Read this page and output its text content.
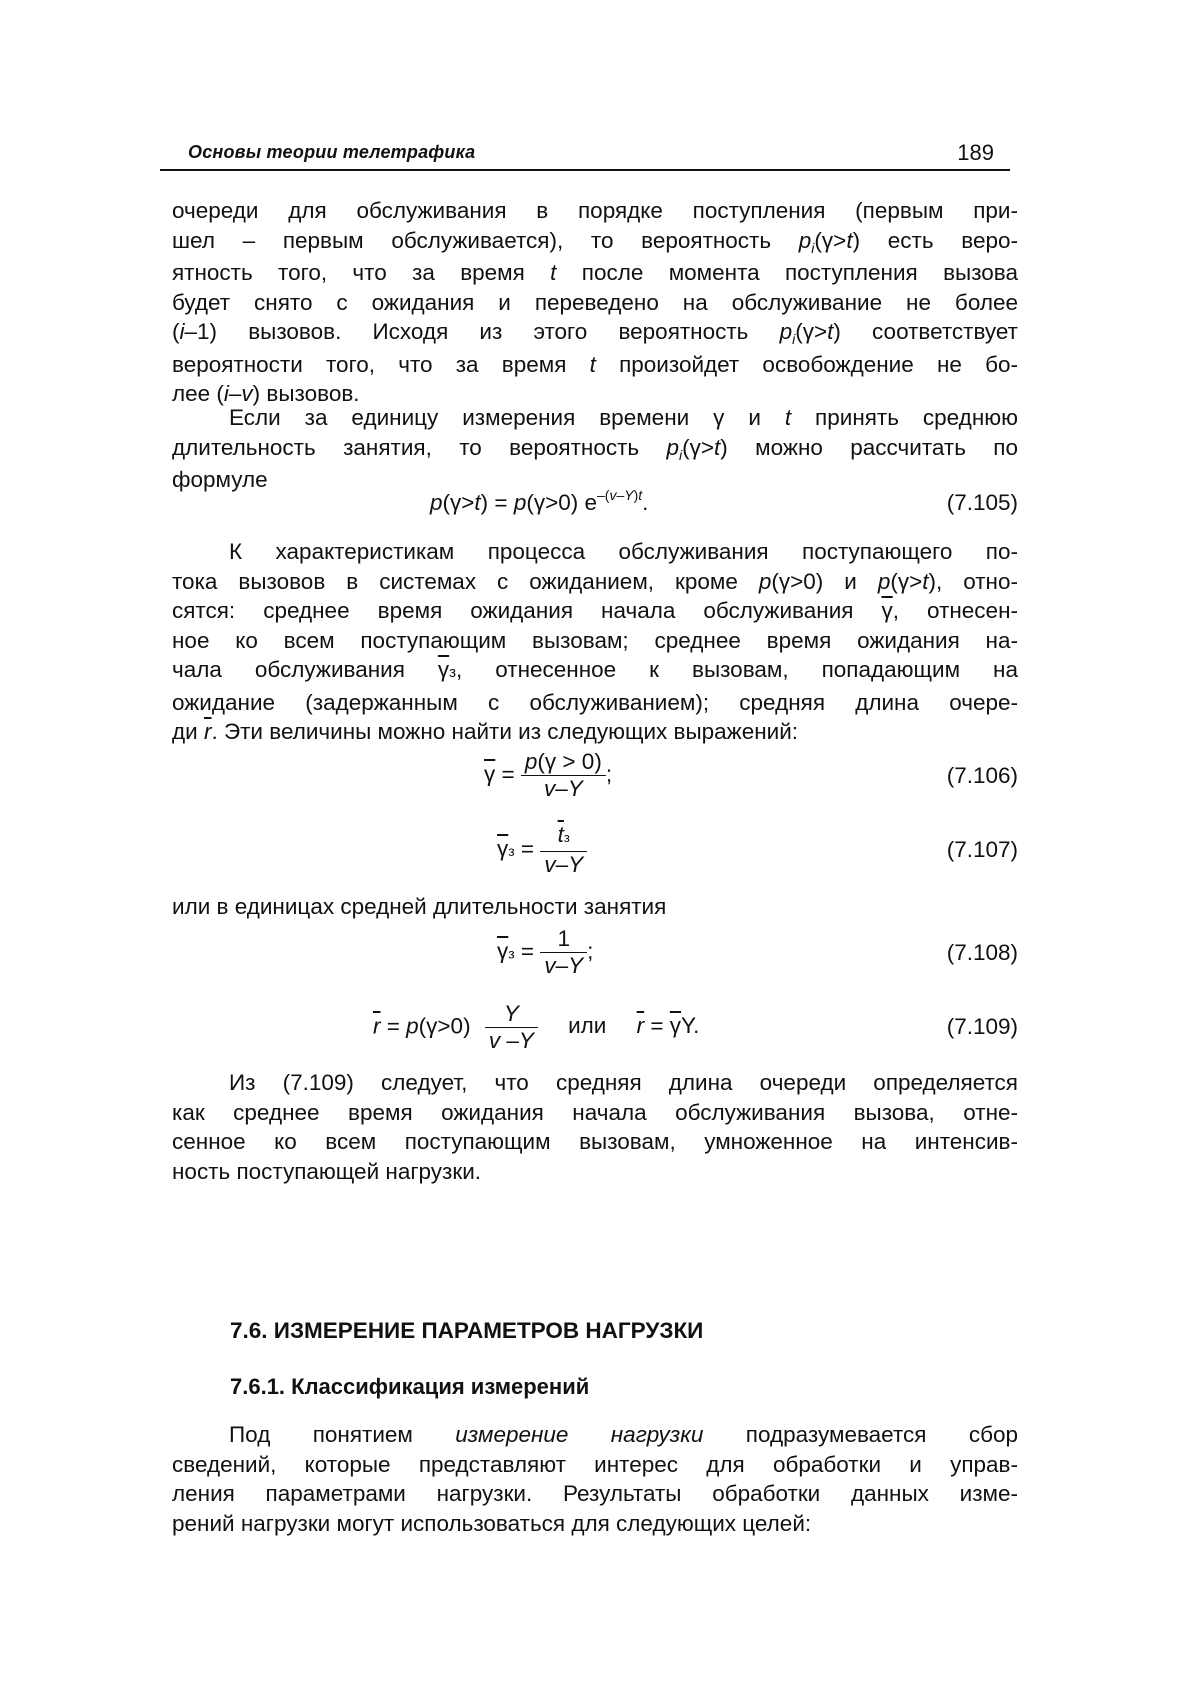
Основы теории телетрафика	189
очереди для обслуживания в порядке поступления (первым при-
шел – первым обслуживается), то вероятность $p_i(\gamma>t)$ есть веро-
ятность того, что за время t после момента поступления вызова
будет снято с ожидания и переведено на обслуживание не более
(i–1) вызовов. Исходя из этого вероятность $p_i(\gamma>t)$ соответствует
вероятности того, что за время t произойдет освобождение не бо-
лее (i–v) вызовов.
Если за единицу измерения времени γ и t принять среднюю
длительность занятия, то вероятность $p_i(\gamma>t)$ можно рассчитать по
формуле
p(γ>t) = p(γ>0) $e^{-(v-Y)t}$.	(7.105)
К характеристикам процесса обслуживания поступающего по-
тока вызовов в системах с ожиданием, кроме p(γ>0) и p(γ>t), отно-
сятся: среднее время ожидания начала обслуживания $\overline{\gamma}$, отнесен-
ное ко всем поступающим вызовам; среднее время ожидания на-
чала обслуживания $\overline{\gamma}з$, отнесенное к вызовам, попадающим на
ожидание (задержанным с обслуживанием); средняя длина очере-
ди $\overline{r}$. Эти величины можно найти из следующих выражений:
$\overline{\gamma} = \frac{p(\gamma > 0)}{v-Y}$ ;	(7.106)
$\overline{\gamma}з = \frac{\overline{t}з}{v-Y}$	(7.107)
или в единицах средней длительности занятия
$\overline{\gamma}з = \frac{1}{v-Y}$ ;	(7.108)
$\overline{r} = p(\gamma>0) \frac{Y}{v -Y}$ или $\overline{r} = \overline{\gamma}Y$.	(7.109)
Из (7.109) следует, что средняя длина очереди определяется
как среднее время ожидания начала обслуживания вызова, отне-
сенное ко всем поступающим вызовам, умноженное на интенсив-
ность поступающей нагрузки.
7.6. ИЗМЕРЕНИЕ ПАРАМЕТРОВ НАГРУЗКИ
7.6.1. Классификация измерений
Под понятием измерение нагрузки подразумевается сбор
сведений, которые представляют интерес для обработки и управ-
ления параметрами нагрузки. Результаты обработки данных изме-
рений нагрузки могут использоваться для следующих целей:
